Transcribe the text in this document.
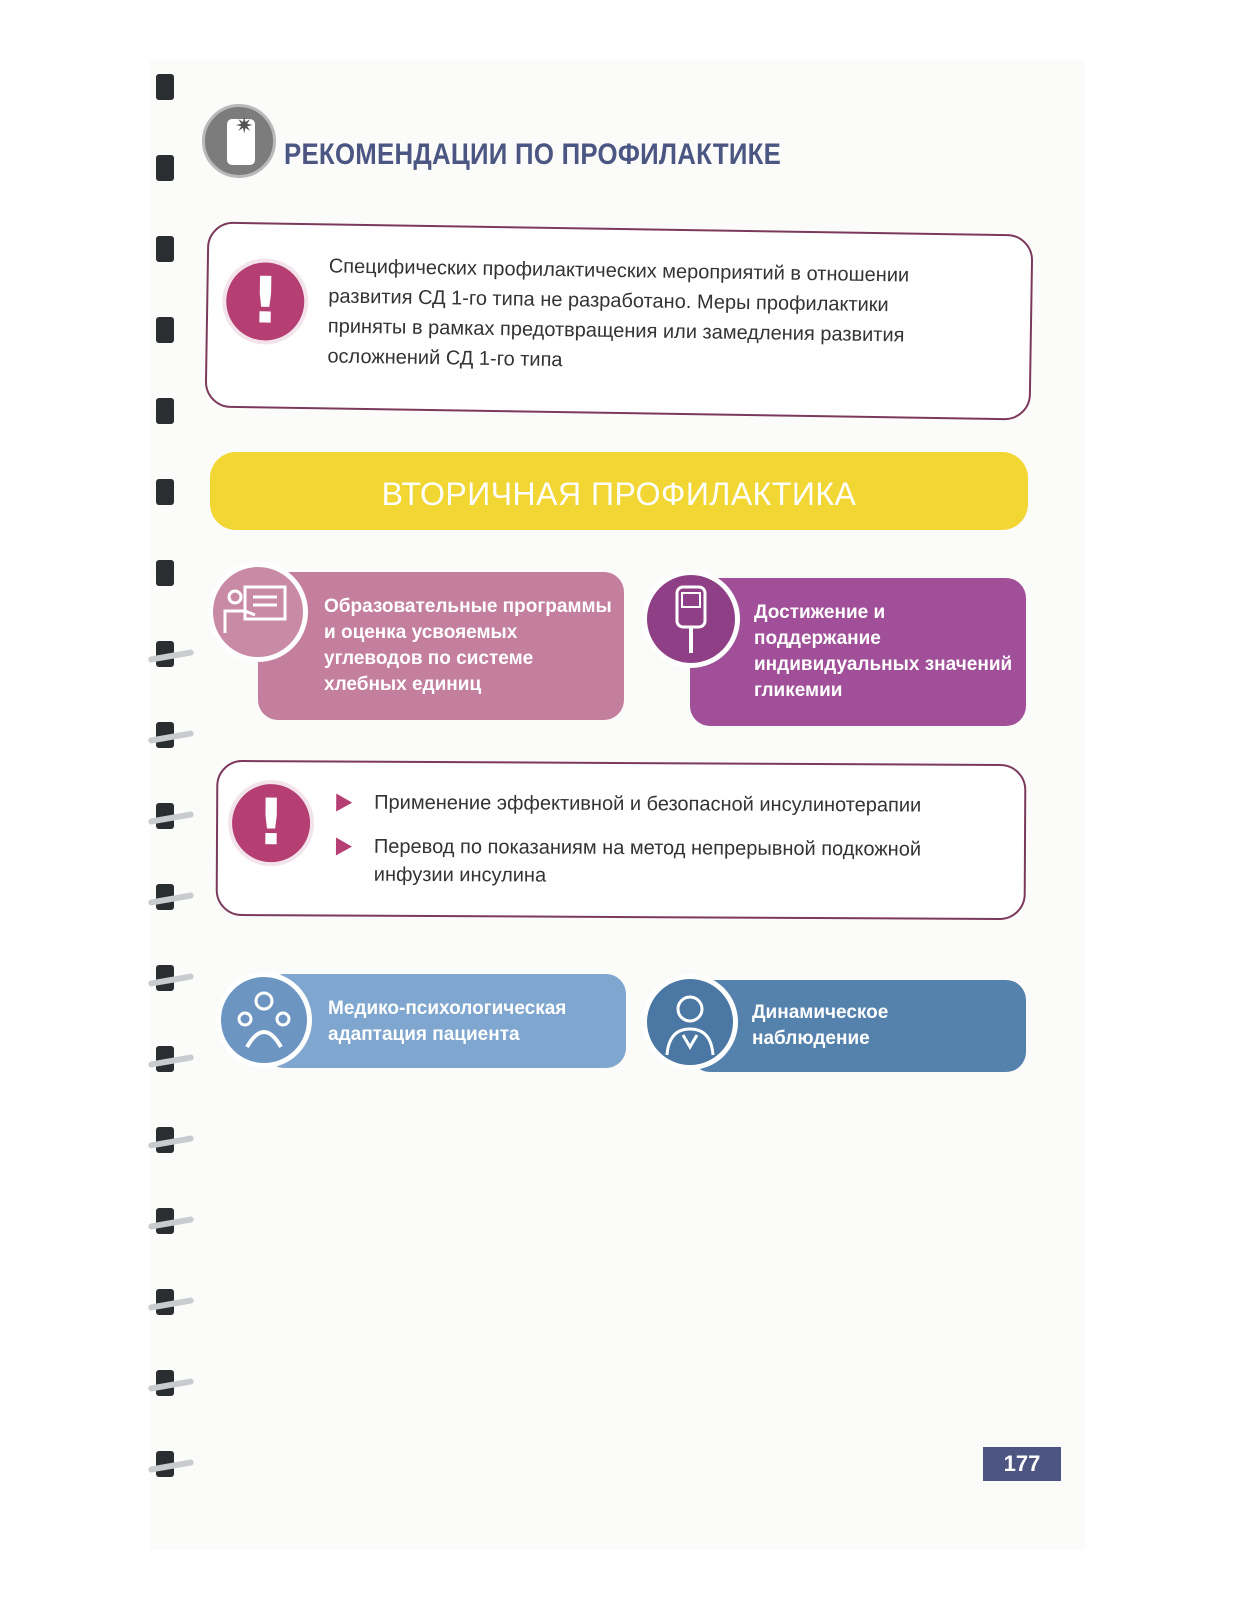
✷
РЕКОМЕНДАЦИИ ПО ПРОФИЛАКТИКЕ
!	Специфических профилактических мероприятий в отношении развития СД 1-го типа не разработано. Меры профилактики приняты в рамках предотвращения или замедления развития осложнений СД 1-го типа
ВТОРИЧНАЯ ПРОФИЛАКТИКА
Образовательные программы и оценка усвояемых углеводов по системе хлебных единиц
Достижение и поддержание индивидуальных значений гликемии
!	Применение эффективной и безопасной инсулинотерапии
Перевод по показаниям на метод непрерывной подкожной инфузии инсулина
Медико-психологическая адаптация пациента
Динамическое наблюдение
177
